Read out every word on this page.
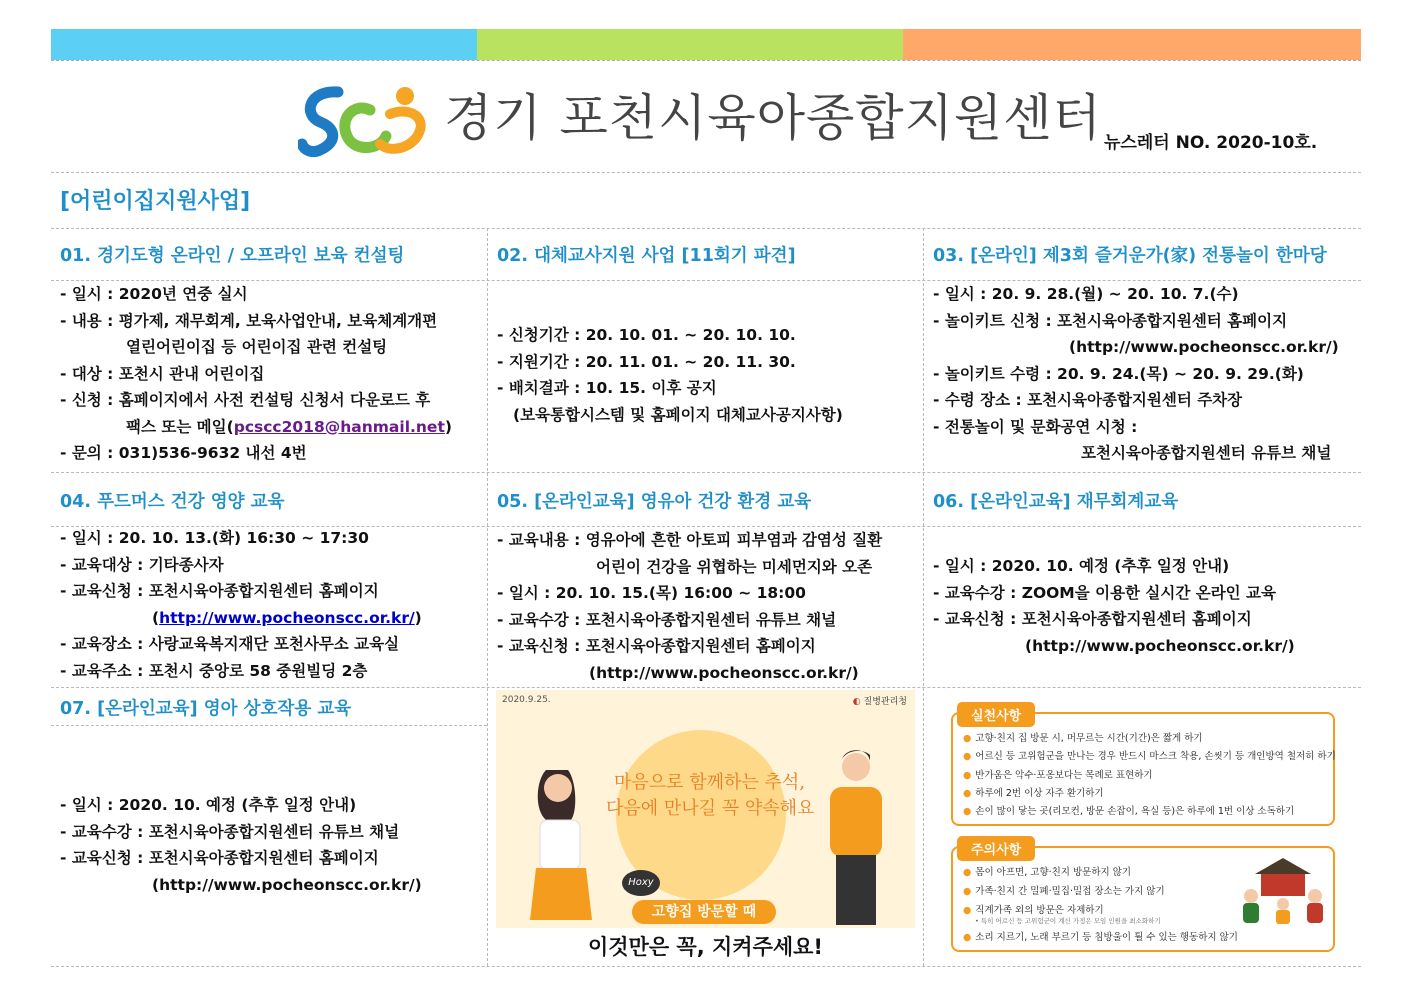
경기 포천시육아종합지원센터 뉴스레터 NO. 2020-10호.
[어린이집지원사업]
01. 경기도형 온라인 / 오프라인 보육 컨설팅
- 일시 : 2020년 연중 실시
- 내용 : 평가제, 재무회계, 보육사업안내, 보육체계개편
열린어린이집 등 어린이집 관련 컨설팅
- 대상 : 포천시 관내 어린이집
- 신청 : 홈페이지에서 사전 컨설팅 신청서 다운로드 후
팩스 또는 메일(pcscc2018@hanmail.net)
- 문의 : 031)536-9632 내선 4번
02. 대체교사지원 사업 [11회기 파견]
- 신청기간 : 20. 10. 01. ~ 20. 10. 10.
- 지원기간 : 20. 11. 01. ~ 20. 11. 30.
- 배치결과 : 10. 15. 이후 공지
(보육통합시스템 및 홈페이지 대체교사공지사항)
03. [온라인] 제3회 즐거운가(家) 전통놀이 한마당
- 일시 : 20. 9. 28.(월) ~ 20. 10. 7.(수)
- 놀이키트 신청 : 포천시육아종합지원센터 홈페이지
(http://www.pocheonscc.or.kr/)
- 놀이키트 수령 : 20. 9. 24.(목) ~ 20. 9. 29.(화)
- 수령 장소 : 포천시육아종합지원센터 주차장
- 전통놀이 및 문화공연 시청 :
포천시육아종합지원센터 유튜브 채널
04. 푸드머스 건강 영양 교육
- 일시 : 20. 10. 13.(화) 16:30 ~ 17:30
- 교육대상 : 기타종사자
- 교육신청 : 포천시육아종합지원센터 홈페이지
(http://www.pocheonscc.or.kr/)
- 교육장소 : 사랑교육복지재단 포천사무소 교육실
- 교육주소 : 포천시 중앙로 58 중원빌딩 2층
05. [온라인교육] 영유아 건강 환경 교육
- 교육내용 : 영유아에 흔한 아토피 피부염과 감염성 질환
어린이 건강을 위협하는 미세먼지와 오존
- 일시 : 20. 10. 15.(목) 16:00 ~ 18:00
- 교육수강 : 포천시육아종합지원센터 유튜브 채널
- 교육신청 : 포천시육아종합지원센터 홈페이지
(http://www.pocheonscc.or.kr/)
06. [온라인교육] 재무회계교육
- 일시 : 2020. 10. 예정 (추후 일정 안내)
- 교육수강 : ZOOM을 이용한 실시간 온라인 교육
- 교육신청 : 포천시육아종합지원센터 홈페이지
(http://www.pocheonscc.or.kr/)
07. [온라인교육] 영아 상호작용 교육
- 일시 : 2020. 10. 예정 (추후 일정 안내)
- 교육수강 : 포천시육아종합지원센터 유튜브 채널
- 교육신청 : 포천시육아종합지원센터 홈페이지
(http://www.pocheonscc.or.kr/)
2020.9.25.	◐ 질병관리청
마음으로 함께하는 추석,
다음에 만나길 꼭 약속해요
Hoxy
고향집 방문할 때
이것만은 꼭, 지켜주세요!
실천사항
● 고향·친지 집 방문 시, 머무르는 시간(기간)은 짧게 하기
● 어르신 등 고위험군을 만나는 경우 반드시 마스크 착용, 손씻기 등 개인방역 철저히 하기
● 반가움은 악수·포옹보다는 목례로 표현하기
● 하루에 2번 이상 자주 환기하기
● 손이 많이 닿는 곳(리모컨, 방문 손잡이, 욕실 등)은 하루에 1번 이상 소독하기
주의사항
● 몸이 아프면, 고향·친지 방문하지 않기
● 가족·친지 간 밀폐·밀집·밀접 장소는 가지 않기
● 직계가족 외의 방문은 자제하기
• 특히 어르신 등 고위험군이 계신 가정은 모임 인원을 최소화하기
● 소리 지르기, 노래 부르기 등 침방울이 튈 수 있는 행동하지 않기
